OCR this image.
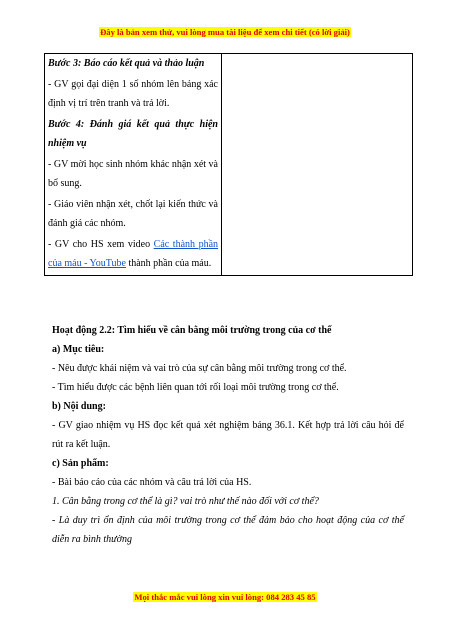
Đây là bản xem thử, vui lòng mua tài liệu để xem chi tiết (có lời giải)

Bước 3: Báo cáo kết quả và thảo luận

- GV gọi đại diện 1 số nhóm lên bảng xác định vị trí trên tranh và trả lời.

Bước 4: Đánh giá kết quả thực hiện nhiệm vụ

- GV mời học sinh nhóm khác nhận xét và bổ sung.

- Giáo viên nhận xét, chốt lại kiến thức và đánh giá các nhóm.

- GV cho HS xem video Các thành phần của máu - YouTube thành phần của máu.

Hoạt động 2.2: Tìm hiểu về cân bằng môi trường trong của cơ thể

a) Mục tiêu:

- Nêu được khái niệm và vai trò của sự cân bằng môi trường trong cơ thể.

- Tìm hiểu được các bệnh liên quan tới rối loại môi trường trong cơ thể.

b) Nội dung:

- GV giao nhiệm vụ HS đọc kết quả xét nghiệm bảng 36.1. Kết hợp trả lời câu hỏi để rút ra kết luận.

c) Sản phẩm:

- Bài báo cáo của các nhóm và câu trả lời của HS.

1. Cân bằng trong cơ thể là gì? vai trò như thế nào đối với cơ thể?

- Là duy trì ổn định của môi trường trong cơ thể đảm bảo cho hoạt động của cơ thể diễn ra bình thường

Mọi thắc mắc vui lòng xin vui lòng: 084 283 45 85
